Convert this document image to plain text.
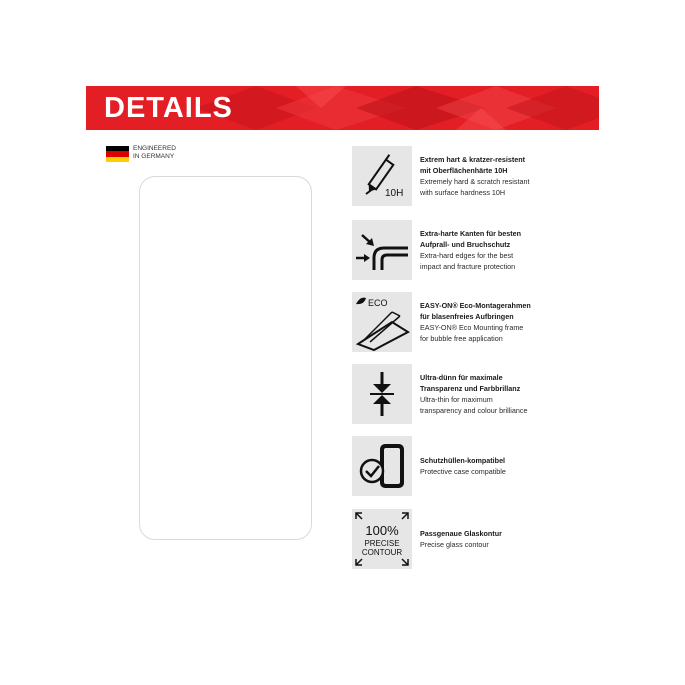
DETAILS
ENGINEERED
IN GERMANY
10H
Extrem hart & kratzer-resistent
mit Oberflächenhärte 10H
Extremely hard & scratch resistant
with surface hardness 10H
Extra-harte Kanten für besten
Aufprall- und Bruchschutz
Extra-hard edges for the best
impact and fracture protection
ECO	EASY-ON® Eco-Montagerahmen
für blasenfreies Aufbringen
EASY-ON® Eco Mounting frame
for bubble free application
Ultra-dünn für maximale
Transparenz und Farbbrillanz
Ultra-thin for maximum
transparency and colour brilliance
Schutzhüllen-kompatibel
Protective case compatible
100%
PRECISE
CONTOUR
Passgenaue Glaskontur
Precise glass contour
